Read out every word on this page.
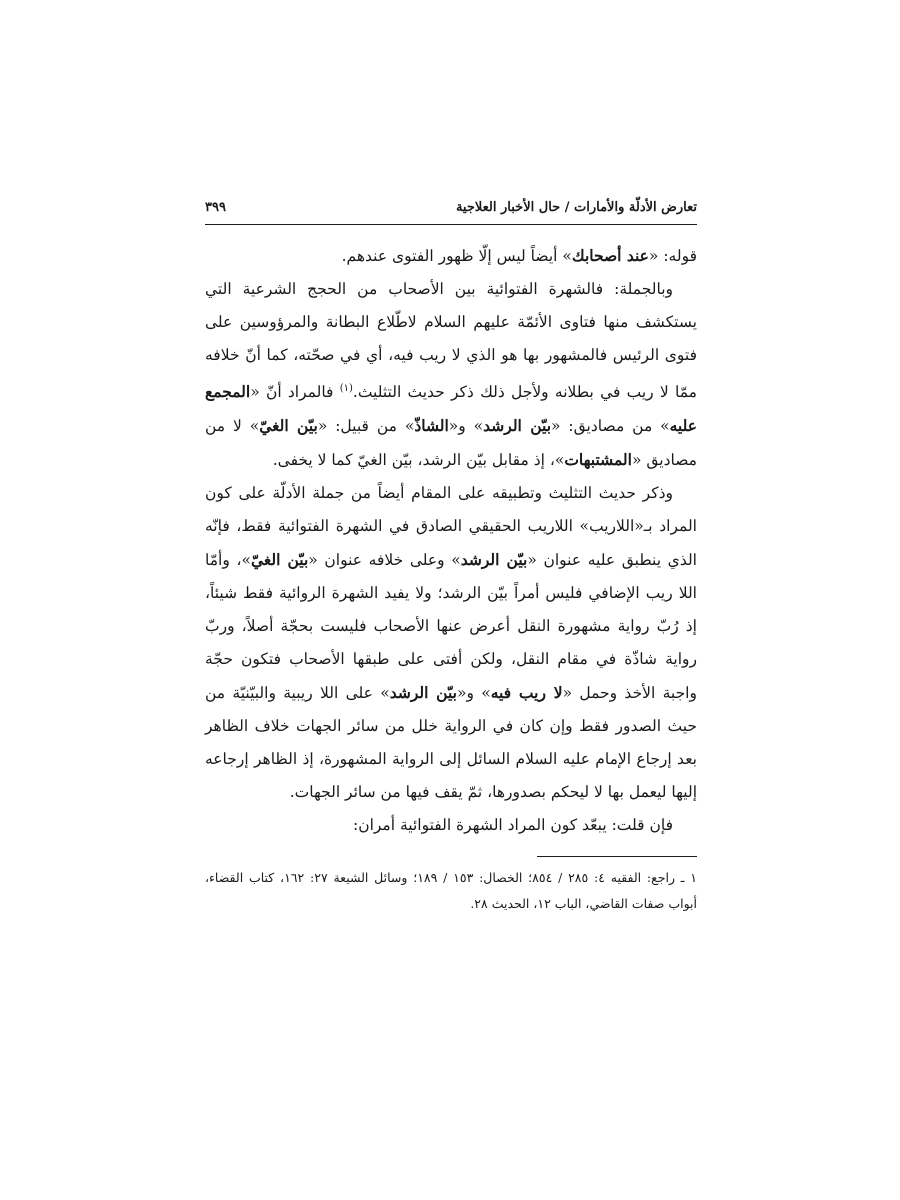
تعارض الأدلّة والأمارات / حال الأخبار العلاجية
٣٩٩

قوله: «عند أصحابك» أيضاً ليس إلّا ظهور الفتوى عندهم.

وبالجملة: فالشهرة الفتوائية بين الأصحاب من الحجج الشرعية التي يستكشف منها فتاوى الأئمّة عليهم السلام لاطّلاع البطانة والمرؤوسين على فتوى الرئيس فالمشهور بها هو الذي لا ريب فيه، أي في صحّته، كما أنّ خلافه ممّا لا ريب في بطلانه ولأجل ذلك ذكر حديث التثليث.$^{(١)}$ فالمراد أنّ «المجمع عليه» من مصاديق: «بيّن الرشد» و«الشاذّ» من قبيل: «بيّن الغيّ» لا من مصاديق «المشتبهات»، إذ مقابل بيّن الرشد، بيّن الغيّ كما لا يخفى.

وذكر حديث التثليث وتطبيقه على المقام أيضاً من جملة الأدلّة على كون المراد بـ«اللاريب» اللاريب الحقيقي الصادق في الشهرة الفتوائية فقط، فإنّه الذي ينطبق عليه عنوان «بيّن الرشد» وعلى خلافه عنوان «بيّن الغيّ»، وأمّا اللا ريب الإضافي فليس أمراً بيّن الرشد؛ ولا يفيد الشهرة الروائية فقط شيئاً، إذ رُبّ رواية مشهورة النقل أعرض عنها الأصحاب فليست بحجّة أصلاً، وربّ رواية شاذّة في مقام النقل، ولكن أفتى على طبقها الأصحاب فتكون حجّة واجبة الأخذ وحمل «لا ريب فيه» و«بيّن الرشد» على اللا ريبية والبيّنيّة من حيث الصدور فقط وإن كان في الرواية خلل من سائر الجهات خلاف الظاهر بعد إرجاع الإمام عليه السلام السائل إلى الرواية المشهورة، إذ الظاهر إرجاعه إليها ليعمل بها لا ليحكم بصدورها، ثمّ يقف فيها من سائر الجهات.

فإن قلت: يبعّد كون المراد الشهرة الفتوائية أمران:

١ ـ راجع: الفقيه ٤: ٢٨٥ / ٨٥٤؛ الخصال: ١٥٣ / ١٨٩؛ وسائل الشيعة ٢٧: ١٦٢، كتاب القضاء، أبواب صفات القاضي، الباب ١٢، الحديث ٢٨.
